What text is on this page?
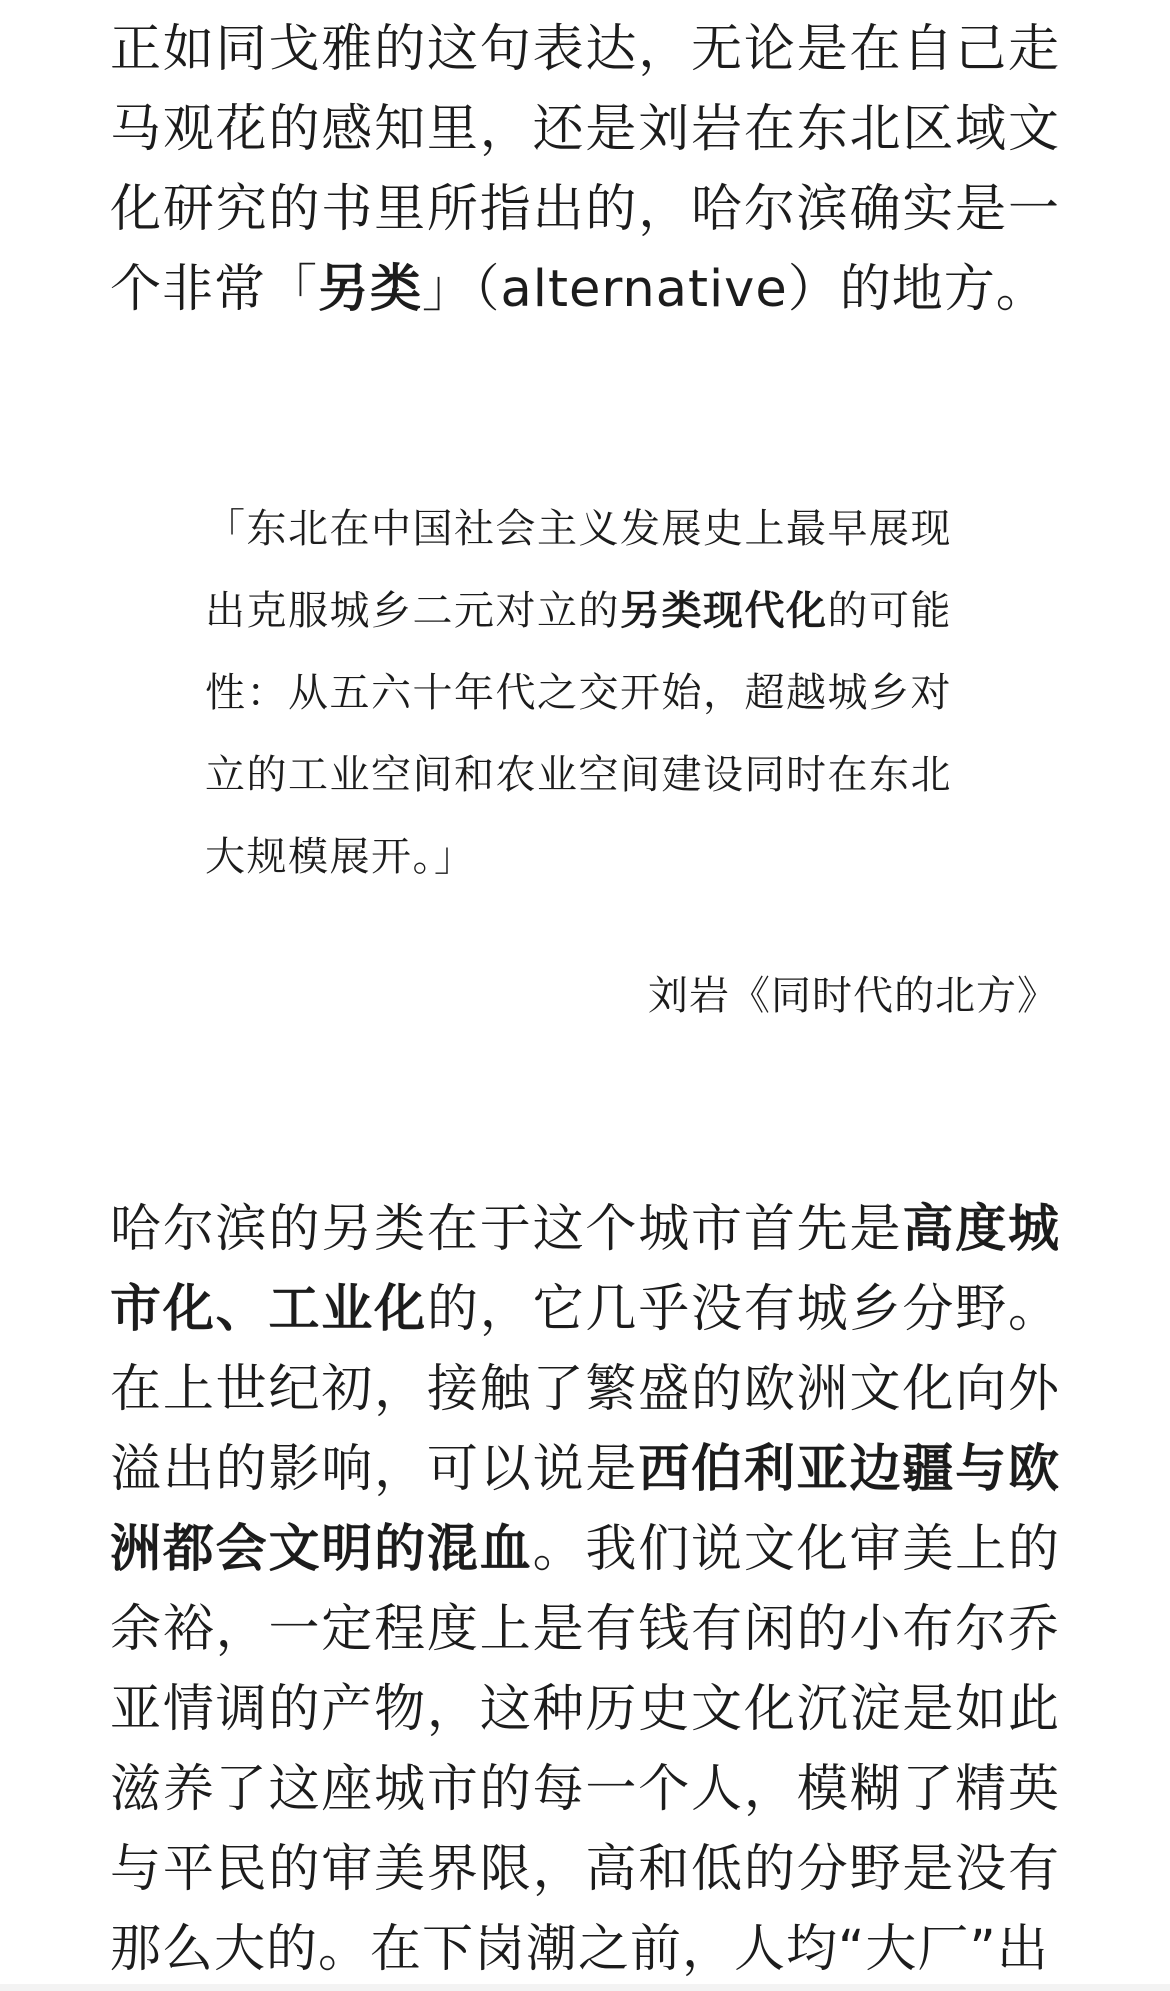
正如同戈雅的这句表达，无论是在自己走马观花的感知里，还是刘岩在东北区域文化研究的书里所指出的，哈尔滨确实是一个非常「另类」（alternative）的地方。

「东北在中国社会主义发展史上最早展现出克服城乡二元对立的另类现代化的可能性：从五六十年代之交开始，超越城乡对立的工业空间和农业空间建设同时在东北大规模展开。」

刘岩《同时代的北方》

哈尔滨的另类在于这个城市首先是高度城市化、工业化的，它几乎没有城乡分野。在上世纪初，接触了繁盛的欧洲文化向外溢出的影响，可以说是西伯利亚边疆与欧洲都会文明的混血。我们说文化审美上的余裕，一定程度上是有钱有闲的小布尔乔亚情调的产物，这种历史文化沉淀是如此滋养了这座城市的每一个人，模糊了精英与平民的审美界限，高和低的分野是没有那么大的。在下岗潮之前，人均“大厂”出
